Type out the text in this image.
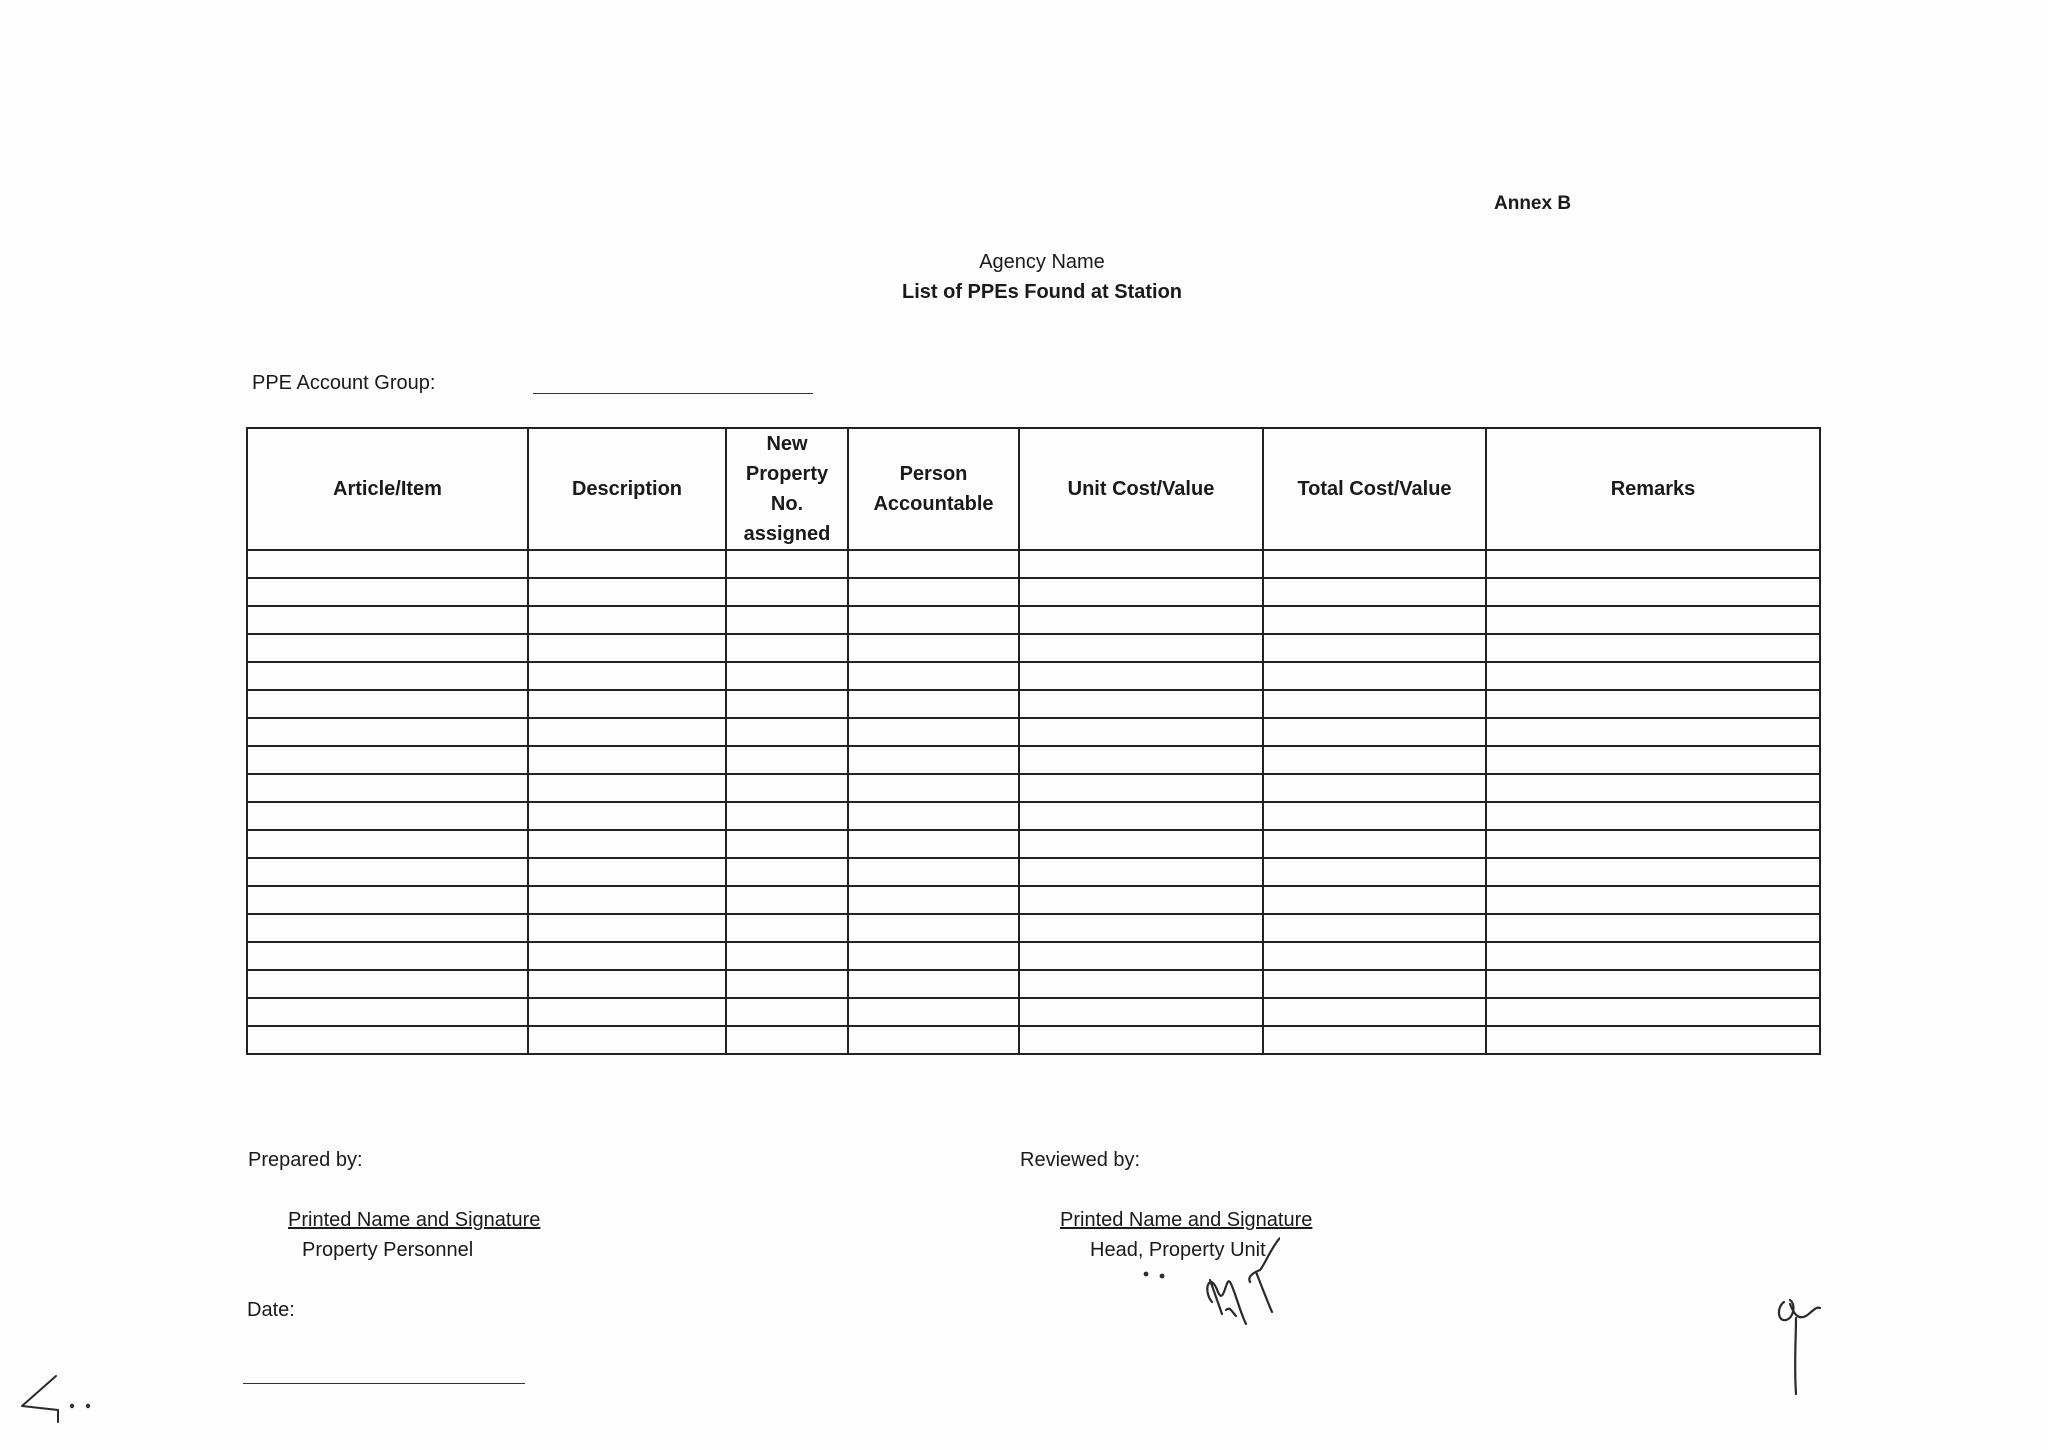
Annex B
Agency Name
List of PPEs Found at Station
PPE Account Group:
Article/Item	Description	New Property No. assigned	Person Accountable	Unit Cost/Value	Total Cost/Value	Remarks

Prepared by:
Printed Name and Signature
Property Personnel
Date:
Reviewed by:
Printed Name and Signature
Head, Property Unit
